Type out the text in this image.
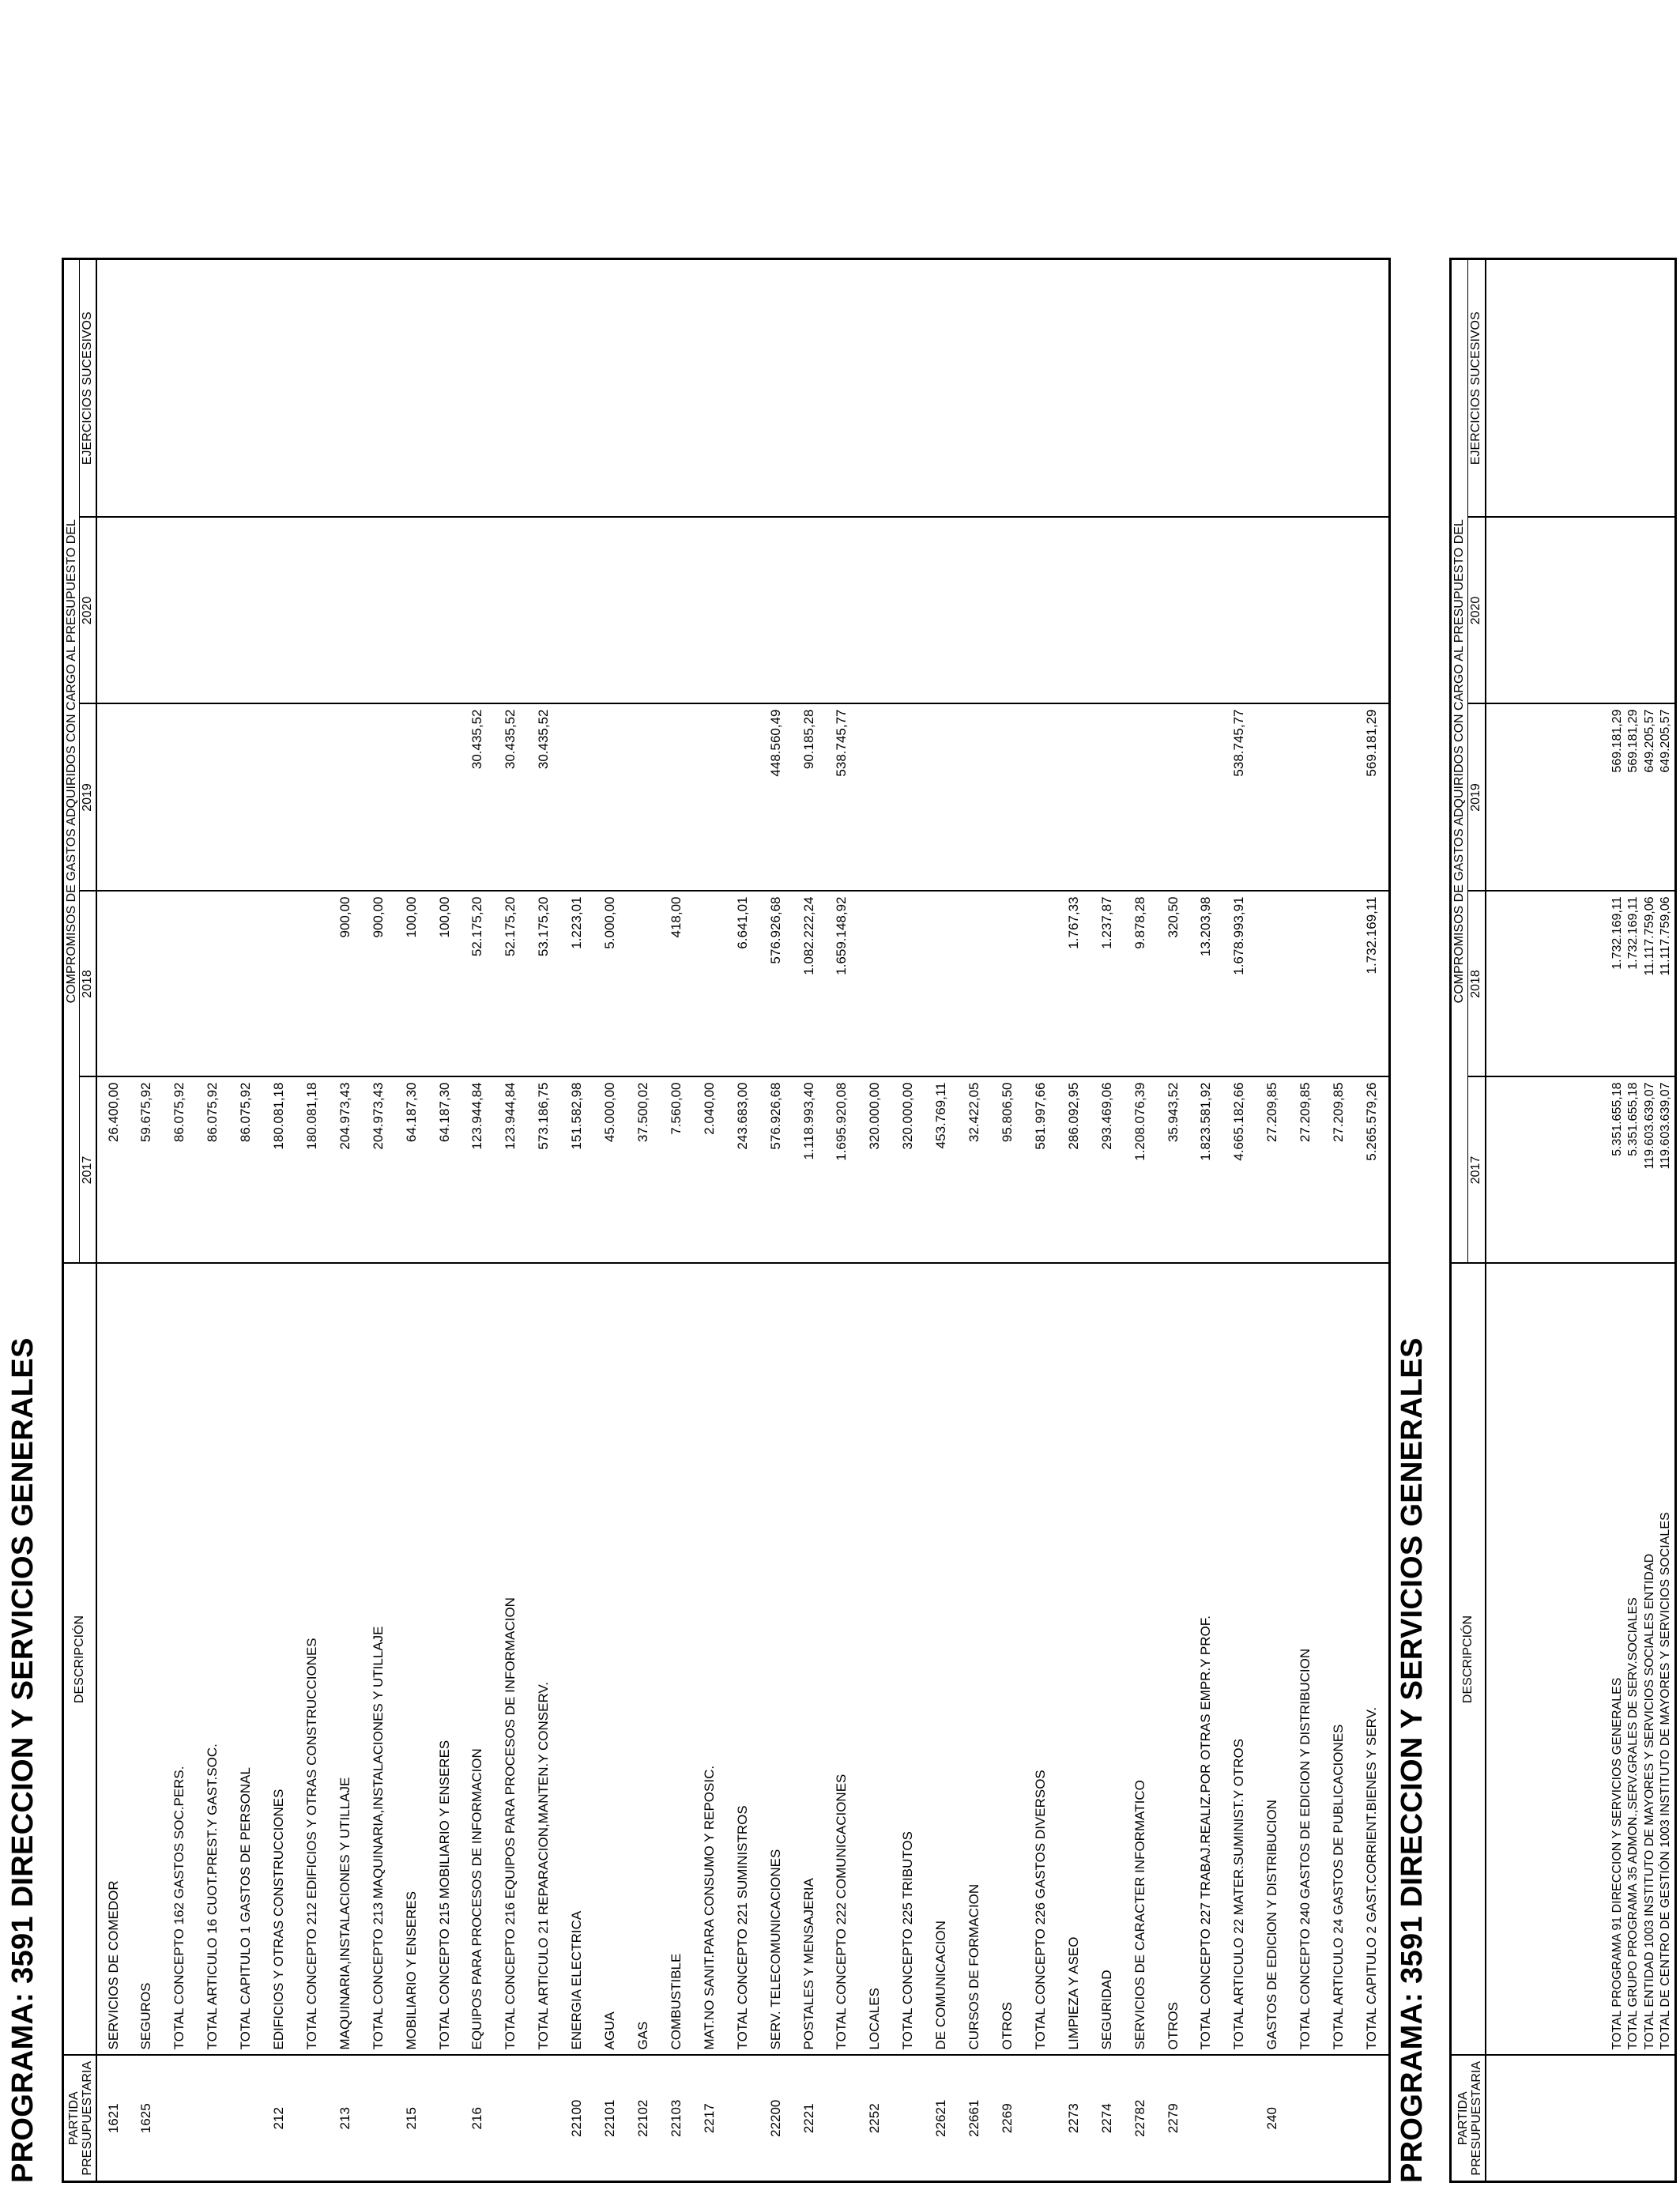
PROGRAMA: 3591 DIRECCION Y SERVICIOS GENERALES PARTIDA PRESUPUESTARIA	DESCRIPCIÓN	COMPROMISOS DE GASTOS ADQUIRIDOS CON CARGO AL PRESUPUESTO DEL				
		2017	2018	2019	2020	EJERCICIOS SUCESIVOS
1621	SERVICIOS DE COMEDOR	26.400,00				
1625	SEGUROS	59.675,92				
	TOTAL CONCEPTO 162 GASTOS SOC.PERS.	86.075,92				
	TOTAL ARTICULO 16 CUOT.PREST.Y GAST.SOC.	86.075,92				
	TOTAL CAPITULO 1 GASTOS DE PERSONAL	86.075,92				
212	EDIFICIOS Y OTRAS CONSTRUCCIONES	180.081,18				
	TOTAL CONCEPTO 212 EDIFICIOS Y OTRAS CONSTRUCCIONES	180.081,18				
213	MAQUINARIA,INSTALACIONES Y UTILLAJE	204.973,43	900,00			
	TOTAL CONCEPTO 213 MAQUINARIA,INSTALACIONES Y UTILLAJE	204.973,43	900,00			
215	MOBILIARIO Y ENSERES	64.187,30	100,00			
	TOTAL CONCEPTO 215 MOBILIARIO Y ENSERES	64.187,30	100,00			
216	EQUIPOS PARA PROCESOS DE INFORMACION	123.944,84	52.175,20	30.435,52		
	TOTAL CONCEPTO 216 EQUIPOS PARA PROCESOS DE INFORMACION	123.944,84	52.175,20	30.435,52		
	TOTAL ARTICULO 21 REPARACION,MANTEN.Y CONSERV.	573.186,75	53.175,20	30.435,52		
22100	ENERGIA ELECTRICA	151.582,98	1.223,01			
22101	AGUA	45.000,00	5.000,00			
22102	GAS	37.500,02				
22103	COMBUSTIBLE	7.560,00	418,00			
2217	MAT.NO SANIT.PARA CONSUMO Y REPOSIC.	2.040,00				
	TOTAL CONCEPTO 221 SUMINISTROS	243.683,00	6.641,01			
22200	SERV. TELECOMUNICACIONES	576.926,68	576.926,68	448.560,49		
2221	POSTALES Y MENSAJERIA	1.118.993,40	1.082.222,24	90.185,28		
	TOTAL CONCEPTO 222 COMUNICACIONES	1.695.920,08	1.659.148,92	538.745,77		
2252	LOCALES	320.000,00				
	TOTAL CONCEPTO 225 TRIBUTOS	320.000,00				
22621	DE COMUNICACION	453.769,11				
22661	CURSOS DE FORMACION	32.422,05				
2269	OTROS	95.806,50				
	TOTAL CONCEPTO 226 GASTOS DIVERSOS	581.997,66				
2273	LIMPIEZA Y ASEO	286.092,95	1.767,33			
2274	SEGURIDAD	293.469,06	1.237,87			
22782	SERVICIOS DE CARACTER INFORMATICO	1.208.076,39	9.878,28			
2279	OTROS	35.943,52	320,50			
	TOTAL CONCEPTO 227 TRABAJ.REALIZ.POR OTRAS EMPR.Y PROF.	1.823.581,92	13.203,98			
	TOTAL ARTICULO 22 MATER.SUMINIST.Y OTROS	4.665.182,66	1.678.993,91	538.745,77		
240	GASTOS DE EDICION Y DISTRIBUCION	27.209,85				
	TOTAL CONCEPTO 240 GASTOS DE EDICION Y DISTRIBUCION	27.209,85				
	TOTAL ARTICULO 24 GASTOS DE PUBLICACIONES	27.209,85				
	TOTAL CAPITULO 2 GAST.CORRIENT.BIENES Y SERV.	5.265.579,26	1.732.169,11	569.181,29		
PROGRAMA: 3591 DIRECCION Y SERVICIOS GENERALES PARTIDA PRESUPUESTARIA	DESCRIPCIÓN	COMPROMISOS DE GASTOS ADQUIRIDOS CON CARGO AL PRESUPUESTO DEL				
		2017	2018	2019	2020	EJERCICIOS SUCESIVOS

	TOTAL PROGRAMA 91 DIRECCION Y SERVICIOS GENERALES	5.351.655,18	1.732.169,11	569.181,29		
	TOTAL GRUPO PROGRAMA 35 ADMON.,SERV.GRALES DE SERV.SOCIALES	5.351.655,18	1.732.169,11	569.181,29		
	TOTAL ENTIDAD 1003 INSTITUTO DE MAYORES Y SERVICIOS SOCIALES ENTIDAD	119.603.639,07	11.117.759,06	649.205,57		
	TOTAL DE CENTRO DE GESTIÓN 1003 INSTITUTO DE MAYORES Y SERVICIOS SOCIALES	119.603.639,07	11.117.759,06	649.205,57		
